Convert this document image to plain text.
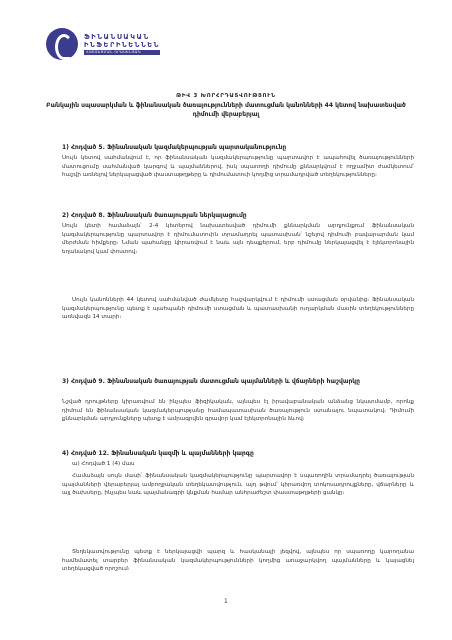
ՖԻՆԱՆՍԱԿԱՆ
ԻՆՖԵՐԻՆԵՆՆԵՆ
ՀԱՇՏԵՑՄԱՆ ԳՐԱՍԵՆՅԱԿ
ԹԻՎ 3 ԽՈՐՀՐԴԱՏՎՈՒԹՅՈՒՆ
Բանկային սպասարկման և ֆինանսական ծառայությունների մատուցման կանոնների 44 կետով նախատեսված դիմումի վերաբերյալ
1) Հոդված 5. Ֆինանսական կազմակերպության պարտականությունը
Սույն կետով սահմանվում է, որ ֆինանսական կազմակերպությունը պարտավոր է ապահովել ծառայությունների մատուցումը սահմանված կարգով և պայմաններով, իսկ սպառողի դիմումը քննարկվում է ողջամիտ ժամկետում՝ հաշվի առնելով ներկայացված փաստաթղթերը և դիմումատուի կողմից տրամադրված տեղեկությունները։
2) Հոդված 8. Ֆինանսական ծառայության ներկայացումը
Սույն կետի համաձայն՝ 2-4 կետերով նախատեսված դիմումի քննարկման արդյունքում ֆինանսական կազմակերպությունը պարտավոր է դիմումատուին տրամադրել պատասխան՝ նշելով դիմումի բավարարման կամ մերժման հիմքերը։ Նման պահանջը կիրառվում է նաև այն դեպքերում, երբ դիմումը ներկայացվել է էլեկտրոնային եղանակով կամ փոստով։
Սույն կանոնների 44 կետով սահմանված ժամկետը հաշվարկվում է դիմումի ստացման օրվանից։ Ֆինանսական կազմակերպությունը պետք է պահպանի դիմումի ստացման և պատասխանի ուղարկման մասին տեղեկությունները առնվազն 14 տարի։
3) Հոդված 9. Ֆինանսական ծառայության մատուցման պայմանների և վճարների հաշվարկը
Նշված դրույթները կիրառվում են ինչպես ֆիզիկական, այնպես էլ իրավաբանական անձանց նկատմամբ, որոնք դիմում են ֆինանսական կազմակերպությանը համապատասխան ծառայություն ստանալու նպատակով։ Դիմումի քննարկման արդյունքները պետք է ամրագրվեն գրավոր կամ էլեկտրոնային ձևով։
4) Հոդված 12. Ֆինանսական կազմի և պայմանների կարգը
ա) Հոդված 1 (4) մաս
Համաձայն սույն մասի՝ ֆինանսական կազմակերպությունը պարտավոր է սպառողին տրամադրել ծառայության պայմանների վերաբերյալ ամբողջական տեղեկատվություն, այդ թվում՝ կիրառվող տոկոսադրույքները, վճարները և այլ ծախսերը, ինչպես նաև պայմանագրի կնքման համար անհրաժեշտ փաստաթղթերի ցանկը։
Տեղեկատվությունը պետք է ներկայացվի պարզ և հասկանալի լեզվով, այնպես որ սպառողը կարողանա համեմատել տարբեր ֆինանսական կազմակերպությունների կողմից առաջարկվող պայմանները և կայացնել տեղեկացված որոշում։
1
